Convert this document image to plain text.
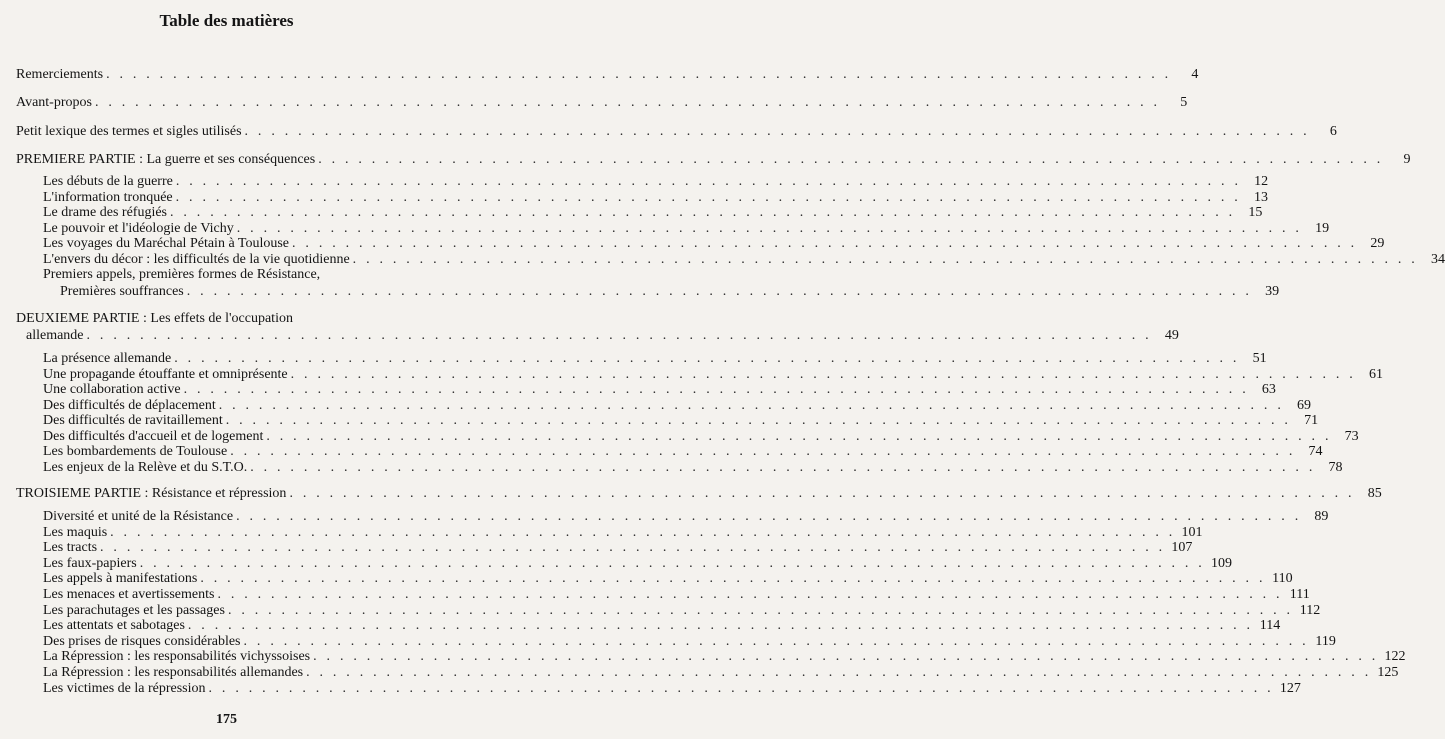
Table des matières
Remerciements . . . . . . . . . . . . . . . . . . . . . . . . . . . . . . . . . . . . . . . . . . . . . . . . . . . . . . . . . . . . . . . . . . . . . . . . . . . . . . . .	4
Avant-propos . . . . . . . . . . . . . . . . . . . . . . . . . . . . . . . . . . . . . . . . . . . . . . . . . . . . . . . . . . . . . . . . . . . . . . . . . . . . . . . .	5
Petit lexique des termes et sigles utilisés . . . . . . . . . . . . . . . . . . . . . . . . . . . . . . . . . . . . . . . . . . . . . . . . . . . . . . . . . . . . . . . . . . . . . . . . . . . . . . . .	6
PREMIERE PARTIE : La guerre et ses conséquences . . . . . . . . . . . . . . . . . . . . . . . . . . . . . . . . . . . . . . . . . . . . . . . . . . . . . . . . . . . . . . . . . . . . . . . . . . . . . . . .	9
Les débuts de la guerre . . . . . . . . . . . . . . . . . . . . . . . . . . . . . . . . . . . . . . . . . . . . . . . . . . . . . . . . . . . . . . . . . . . . . . . . . . . . . . . . 12
L'information tronquée . . . . . . . . . . . . . . . . . . . . . . . . . . . . . . . . . . . . . . . . . . . . . . . . . . . . . . . . . . . . . . . . . . . . . . . . . . . . . . . . 13
Le drame des réfugiés . . . . . . . . . . . . . . . . . . . . . . . . . . . . . . . . . . . . . . . . . . . . . . . . . . . . . . . . . . . . . . . . . . . . . . . . . . . . . . . . 15
Le pouvoir et l'idéologie de Vichy . . . . . . . . . . . . . . . . . . . . . . . . . . . . . . . . . . . . . . . . . . . . . . . . . . . . . . . . . . . . . . . . . . . . . . . . . . . . . . . . 19
Les voyages du Maréchal Pétain à Toulouse . . . . . . . . . . . . . . . . . . . . . . . . . . . . . . . . . . . . . . . . . . . . . . . . . . . . . . . . . . . . . . . . . . . . . . . . . . . . . . . . 29
L'envers du décor : les difficultés de la vie quotidienne . . . . . . . . . . . . . . . . . . . . . . . . . . . . . . . . . . . . . . . . . . . . . . . . . . . . . . . . . . . . . . . . . . . . . . . . . . . . . . . . 34
Premiers appels, premières formes de Résistance,
Premières souffrances . . . . . . . . . . . . . . . . . . . . . . . . . . . . . . . . . . . . . . . . . . . . . . . . . . . . . . . . . . . . . . . . . . . . . . . . . . . . . . . . 39
DEUXIEME PARTIE : Les effets de l'occupation
allemande . . . . . . . . . . . . . . . . . . . . . . . . . . . . . . . . . . . . . . . . . . . . . . . . . . . . . . . . . . . . . . . . . . . . . . . . . . . . . . . . 49
La présence allemande . . . . . . . . . . . . . . . . . . . . . . . . . . . . . . . . . . . . . . . . . . . . . . . . . . . . . . . . . . . . . . . . . . . . . . . . . . . . . . . . 51
Une propagande étouffante et omniprésente . . . . . . . . . . . . . . . . . . . . . . . . . . . . . . . . . . . . . . . . . . . . . . . . . . . . . . . . . . . . . . . . . . . . . . . . . . . . . . . . 61
Une collaboration active . . . . . . . . . . . . . . . . . . . . . . . . . . . . . . . . . . . . . . . . . . . . . . . . . . . . . . . . . . . . . . . . . . . . . . . . . . . . . . . . 63
Des difficultés de déplacement . . . . . . . . . . . . . . . . . . . . . . . . . . . . . . . . . . . . . . . . . . . . . . . . . . . . . . . . . . . . . . . . . . . . . . . . . . . . . . . . 69
Des difficultés de ravitaillement . . . . . . . . . . . . . . . . . . . . . . . . . . . . . . . . . . . . . . . . . . . . . . . . . . . . . . . . . . . . . . . . . . . . . . . . . . . . . . . . 71
Des difficultés d'accueil et de logement . . . . . . . . . . . . . . . . . . . . . . . . . . . . . . . . . . . . . . . . . . . . . . . . . . . . . . . . . . . . . . . . . . . . . . . . . . . . . . . . 73
Les bombardements de Toulouse . . . . . . . . . . . . . . . . . . . . . . . . . . . . . . . . . . . . . . . . . . . . . . . . . . . . . . . . . . . . . . . . . . . . . . . . . . . . . . . . 74
Les enjeux de la Relève et du S.T.O. . . . . . . . . . . . . . . . . . . . . . . . . . . . . . . . . . . . . . . . . . . . . . . . . . . . . . . . . . . . . . . . . . . . . . . . . . . . . . . . . 78
TROISIEME PARTIE : Résistance et répression . . . . . . . . . . . . . . . . . . . . . . . . . . . . . . . . . . . . . . . . . . . . . . . . . . . . . . . . . . . . . . . . . . . . . . . . . . . . . . . . 85
Diversité et unité de la Résistance . . . . . . . . . . . . . . . . . . . . . . . . . . . . . . . . . . . . . . . . . . . . . . . . . . . . . . . . . . . . . . . . . . . . . . . . . . . . . . . . 89
Les maquis . . . . . . . . . . . . . . . . . . . . . . . . . . . . . . . . . . . . . . . . . . . . . . . . . . . . . . . . . . . . . . . . . . . . . . . . . . . . . . . . 101
Les tracts . . . . . . . . . . . . . . . . . . . . . . . . . . . . . . . . . . . . . . . . . . . . . . . . . . . . . . . . . . . . . . . . . . . . . . . . . . . . . . . . 107
Les faux-papiers . . . . . . . . . . . . . . . . . . . . . . . . . . . . . . . . . . . . . . . . . . . . . . . . . . . . . . . . . . . . . . . . . . . . . . . . . . . . . . . . 109
Les appels à manifestations . . . . . . . . . . . . . . . . . . . . . . . . . . . . . . . . . . . . . . . . . . . . . . . . . . . . . . . . . . . . . . . . . . . . . . . . . . . . . . . . 110
Les menaces et avertissements . . . . . . . . . . . . . . . . . . . . . . . . . . . . . . . . . . . . . . . . . . . . . . . . . . . . . . . . . . . . . . . . . . . . . . . . . . . . . . . . 111
Les parachutages et les passages . . . . . . . . . . . . . . . . . . . . . . . . . . . . . . . . . . . . . . . . . . . . . . . . . . . . . . . . . . . . . . . . . . . . . . . . . . . . . . . . 112
Les attentats et sabotages . . . . . . . . . . . . . . . . . . . . . . . . . . . . . . . . . . . . . . . . . . . . . . . . . . . . . . . . . . . . . . . . . . . . . . . . . . . . . . . . 114
Des prises de risques considérables . . . . . . . . . . . . . . . . . . . . . . . . . . . . . . . . . . . . . . . . . . . . . . . . . . . . . . . . . . . . . . . . . . . . . . . . . . . . . . . . 119
La Répression : les responsabilités vichyssoises . . . . . . . . . . . . . . . . . . . . . . . . . . . . . . . . . . . . . . . . . . . . . . . . . . . . . . . . . . . . . . . . . . . . . . . . . . . . . . . . 122
La Répression : les responsabilités allemandes . . . . . . . . . . . . . . . . . . . . . . . . . . . . . . . . . . . . . . . . . . . . . . . . . . . . . . . . . . . . . . . . . . . . . . . . . . . . . . . . 125
Les victimes de la répression . . . . . . . . . . . . . . . . . . . . . . . . . . . . . . . . . . . . . . . . . . . . . . . . . . . . . . . . . . . . . . . . . . . . . . . . . . . . . . . . 127
175
